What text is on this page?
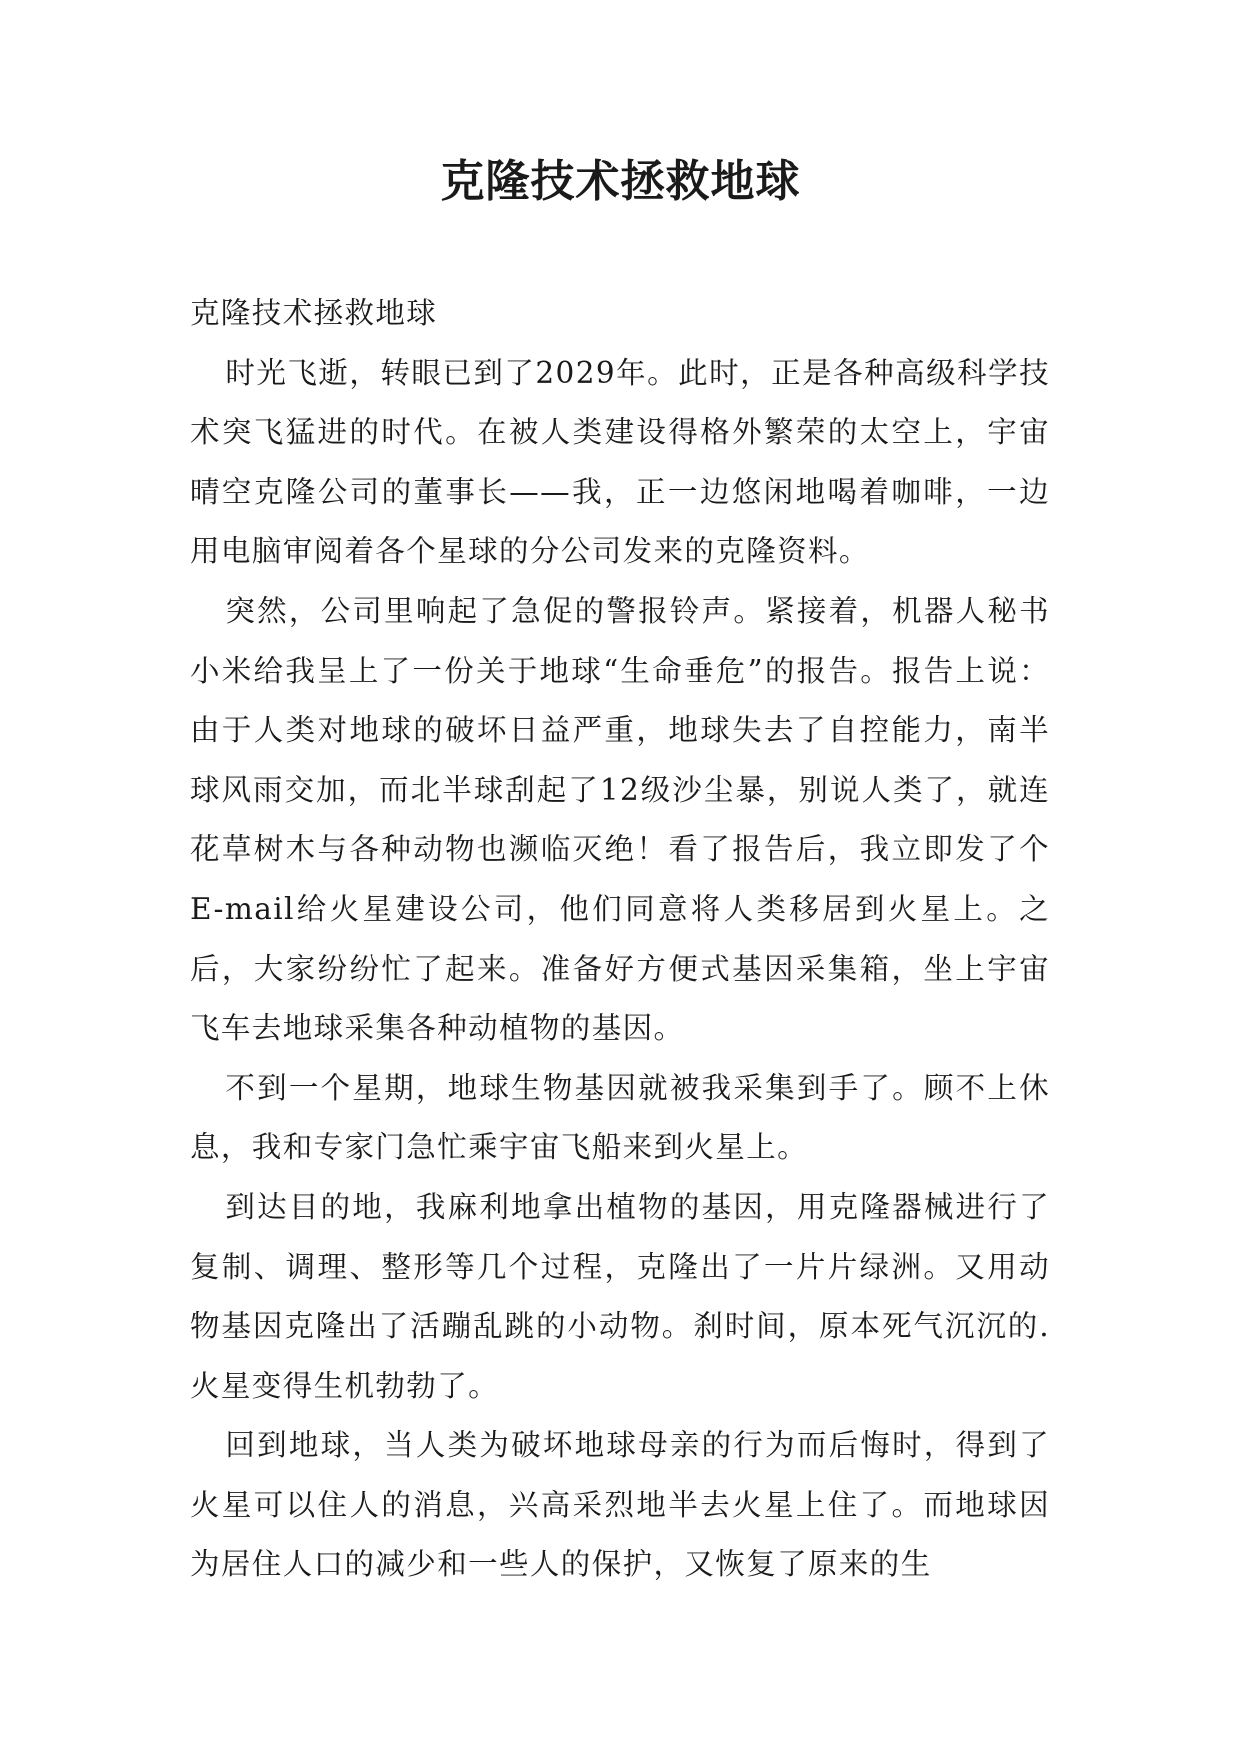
克隆技术拯救地球

克隆技术拯救地球

时光飞逝，转眼已到了2029年。此时，正是各种高级科学技术突飞猛进的时代。在被人类建设得格外繁荣的太空上，宇宙晴空克隆公司的董事长——我，正一边悠闲地喝着咖啡，一边用电脑审阅着各个星球的分公司发来的克隆资料。

突然，公司里响起了急促的警报铃声。紧接着，机器人秘书小米给我呈上了一份关于地球“生命垂危”的报告。报告上说：由于人类对地球的破坏日益严重，地球失去了自控能力，南半球风雨交加，而北半球刮起了12级沙尘暴，别说人类了，就连花草树木与各种动物也濒临灭绝！看了报告后，我立即发了个E-mail给火星建设公司，他们同意将人类移居到火星上。之后，大家纷纷忙了起来。准备好方便式基因采集箱，坐上宇宙飞车去地球采集各种动植物的基因。

不到一个星期，地球生物基因就被我采集到手了。顾不上休息，我和专家门急忙乘宇宙飞船来到火星上。

到达目的地，我麻利地拿出植物的基因，用克隆器械进行了复制、调理、整形等几个过程，克隆出了一片片绿洲。又用动物基因克隆出了活蹦乱跳的小动物。刹时间，原本死气沉沉的.火星变得生机勃勃了。

回到地球，当人类为破坏地球母亲的行为而后悔时，得到了火星可以住人的消息，兴高采烈地半去火星上住了。而地球因为居住人口的减少和一些人的保护，又恢复了原来的生
